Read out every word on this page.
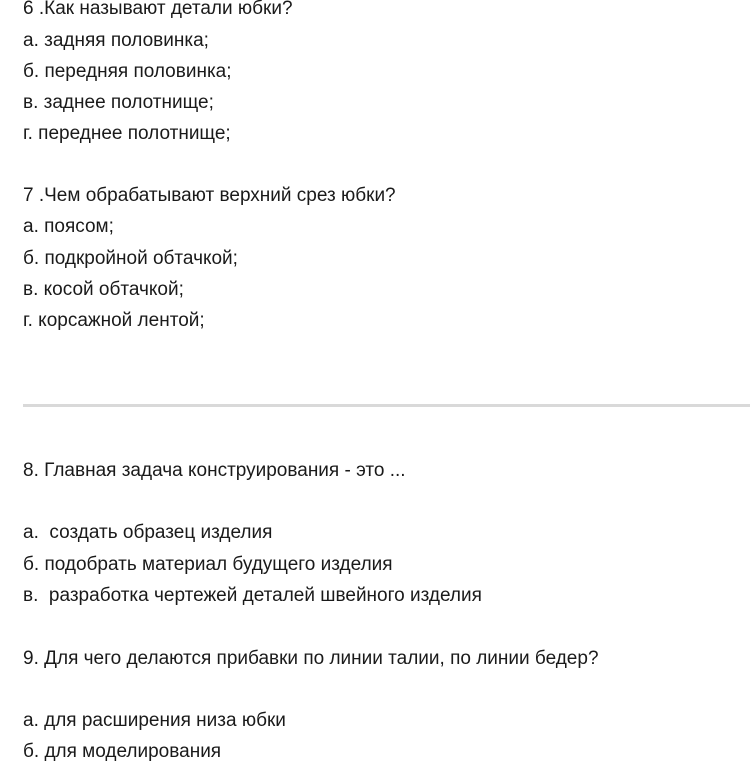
6 .Как называют детали юбки?
а. задняя половинка;
б. передняя половинка;
в. заднее полотнище;
г. переднее полотнище;
7 .Чем обрабатывают верхний срез юбки?
а. поясом;
б. подкройной обтачкой;
в. косой обтачкой;
г. корсажной лентой;
8. Главная задача конструирования - это ...
а.  создать образец изделия
б. подобрать материал будущего изделия
в.  разработка чертежей деталей швейного изделия
9. Для чего делаются прибавки по линии талии, по линии бедер?
а. для расширения низа юбки
б. для моделирования
